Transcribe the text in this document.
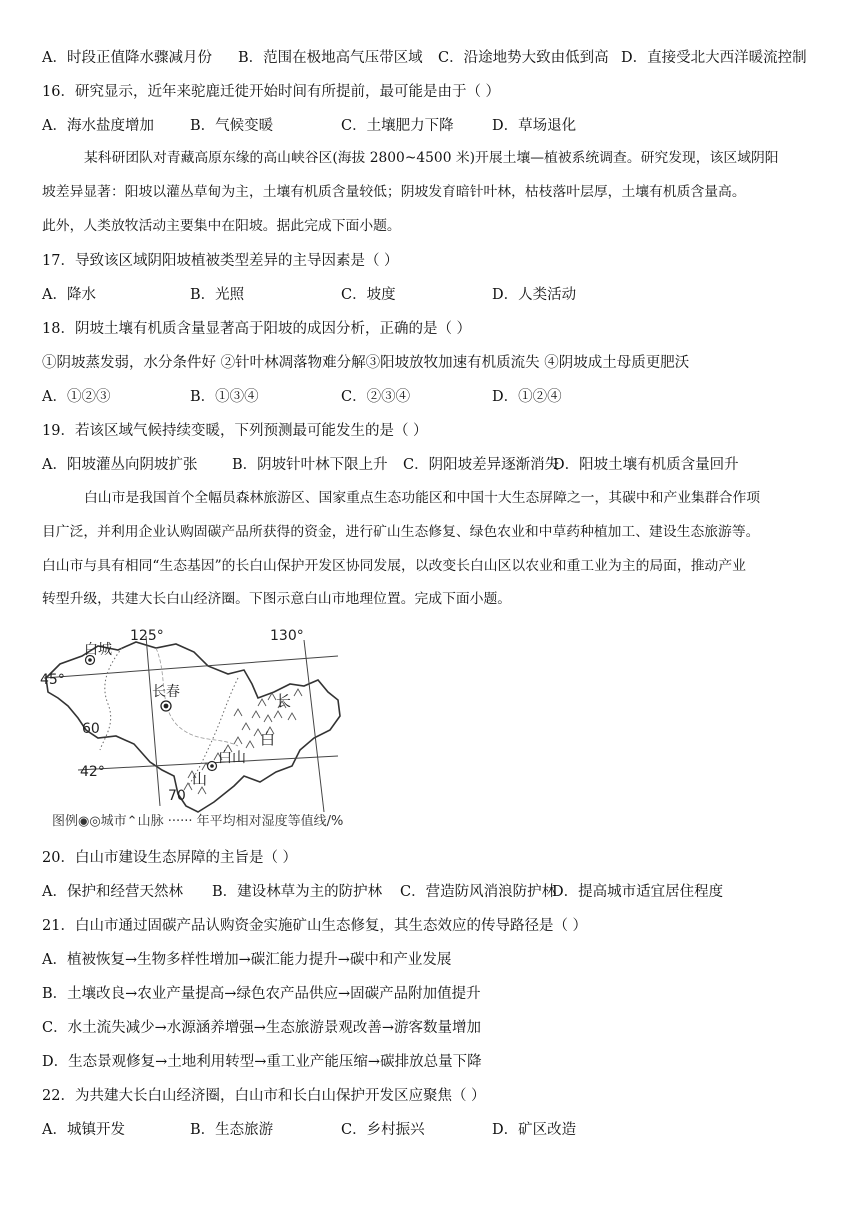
A．时段正值降水骤减月份 B．范围在极地高气压带区域 C．沿途地势大致由低到高 D．直接受北大西洋暖流控制
16．研究显示，近年来驼鹿迁徙开始时间有所提前，最可能是由于（ ）
A．海水盐度增加 B．气候变暖	C．土壤肥力下降	D．草场退化

某科研团队对青藏高原东缘的高山峡谷区(海拔 2800~4500 米)开展土壤—植被系统调查。研究发现，该区域阴阳

坡差异显著：阳坡以灌丛草甸为主，土壤有机质含量较低；阴坡发育暗针叶林，枯枝落叶层厚，土壤有机质含量高。

此外，人类放牧活动主要集中在阳坡。据此完成下面小题。

17．导致该区域阴阳坡植被类型差异的主导因素是（ ）
A．降水	B．光照	C．坡度	D．人类活动
18．阴坡土壤有机质含量显著高于阳坡的成因分析，正确的是（ ）
①阴坡蒸发弱，水分条件好 ②针叶林凋落物难分解③阳坡放牧加速有机质流失 ④阴坡成土母质更肥沃
A．①②③	B．①③④	C．②③④	D．①②④
19．若该区域气候持续变暖，下列预测最可能发生的是（ ）
A．阳坡灌丛向阴坡扩张 B．阴坡针叶林下限上升 C．阴阳坡差异逐渐消失
D．阳坡土壤有机质含量回升

白山市是我国首个全幅员森林旅游区、国家重点生态功能区和中国十大生态屏障之一，其碳中和产业集群合作项

目广泛，并利用企业认购固碳产品所获得的资金，进行矿山生态修复、绿色农业和中草药种植加工、建设生态旅游等。

白山市与具有相同“生态基因”的长白山保护开发区协同发展，以改变长白山区以农业和重工业为主的局面，推动产业

转型升级，共建大长白山经济圈。下图示意白山市地理位置。完成下面小题。

125°	130°
45°
42°
白城
长春
白山
长
白
山
60
70
图例◉◎城市⌃山脉 ······ 年平均相对湿度等值线/%
20．白山市建设生态屏障的主旨是（ ）
A．保护和经营天然林 B．建设林草为主的防护林 C．营造防风消浪防护林
D．提高城市适宜居住程度
21．白山市通过固碳产品认购资金实施矿山生态修复，其生态效应的传导路径是（ ）
A．植被恢复→生物多样性增加→碳汇能力提升→碳中和产业发展
B．土壤改良→农业产量提高→绿色农产品供应→固碳产品附加值提升
C．水土流失减少→水源涵养增强→生态旅游景观改善→游客数量增加
D．生态景观修复→土地利用转型→重工业产能压缩→碳排放总量下降
22．为共建大长白山经济圈，白山市和长白山保护开发区应聚焦（ ）
A．城镇开发	B．生态旅游	C．乡村振兴	D．矿区改造
